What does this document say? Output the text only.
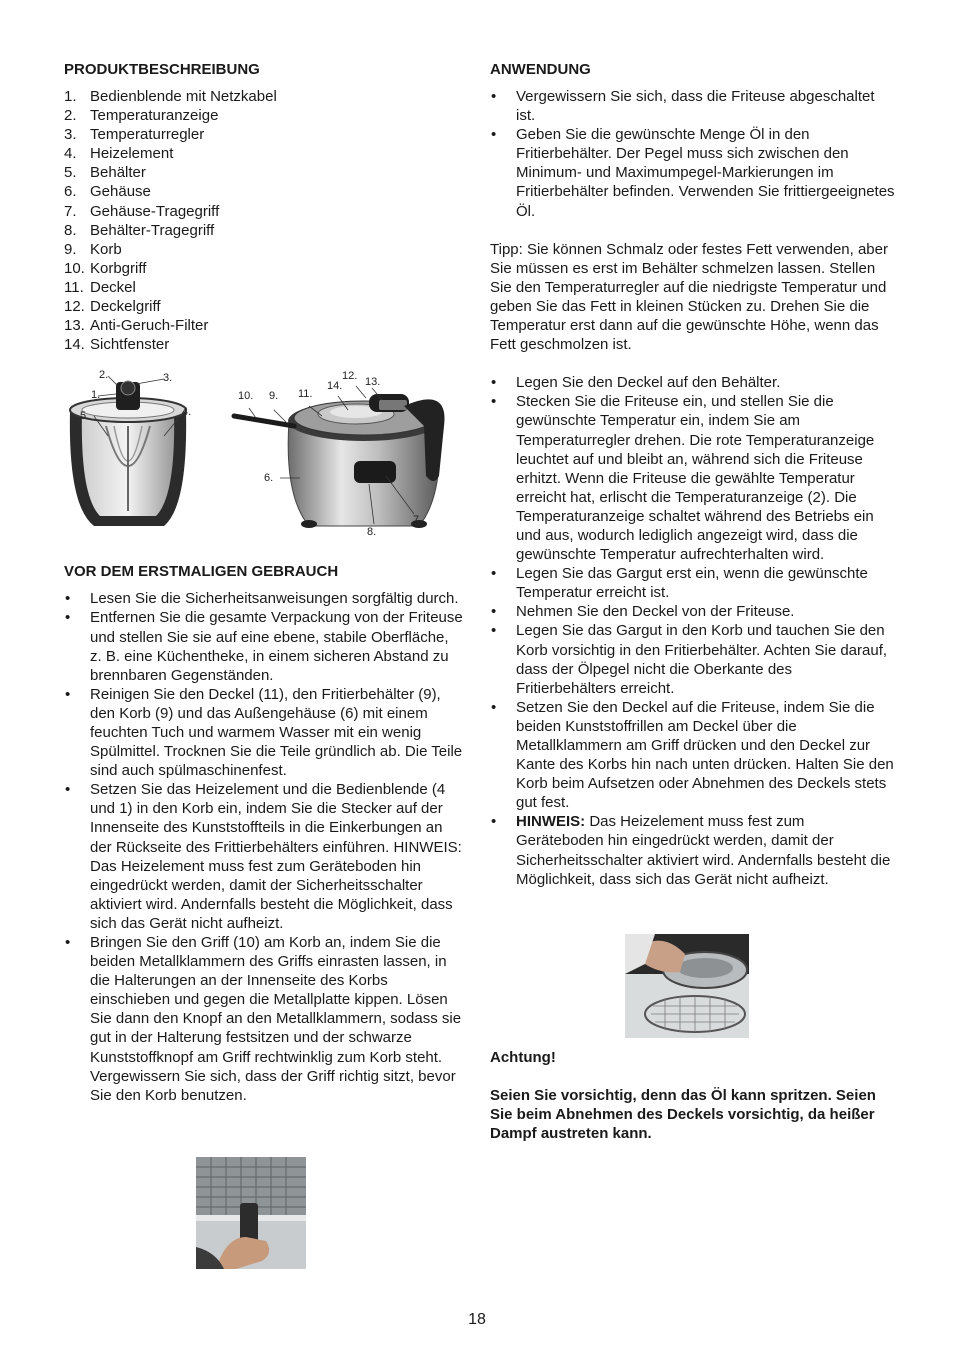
PRODUKTBESCHREIBUNG
1. Bedienblende mit Netzkabel
2. Temperaturanzeige
3. Temperaturregler
4. Heizelement
5. Behälter
6. Gehäuse
7. Gehäuse-Tragegriff
8. Behälter-Tragegriff
9. Korb
10. Korbgriff
11. Deckel
12. Deckelgriff
13. Anti-Geruch-Filter
14. Sichtfenster
1.
2.	3.
4.
5.
6.
7.
8.
9.
10.	11.
12. 13.
14.
VOR DEM ERSTMALIGEN GEBRAUCH
• Lesen Sie die Sicherheitsanweisungen sorgfältig durch.
• Entfernen Sie die gesamte Verpackung von der Friteuse und stellen Sie sie auf eine ebene, stabile Oberfläche, z. B. eine Küchentheke, in einem sicheren Abstand zu brennbaren Gegenständen.
• Reinigen Sie den Deckel (11), den Fritierbehälter (9), den Korb (9) und das Außengehäuse (6) mit einem feuchten Tuch und warmem Wasser mit ein wenig Spülmittel. Trocknen Sie die Teile gründlich ab. Die Teile sind auch spülmaschinenfest.
• Setzen Sie das Heizelement und die Bedienblende (4 und 1) in den Korb ein, indem Sie die Stecker auf der Innenseite des Kunststoffteils in die Einkerbungen an der Rückseite des Frittierbehälters einführen. HINWEIS: Das Heizelement muss fest zum Geräteboden hin eingedrückt werden, damit der Sicherheitsschalter aktiviert wird. Andernfalls besteht die Möglichkeit, dass sich das Gerät nicht aufheizt.
• Bringen Sie den Griff (10) am Korb an, indem Sie die beiden Metallklammern des Griffs einrasten lassen, in die Halterungen an der Innenseite des Korbs einschieben und gegen die Metallplatte kippen. Lösen Sie dann den Knopf an den Metallklammern, sodass sie gut in der Halterung festsitzen und der schwarze Kunststoffknopf am Griff rechtwinklig zum Korb steht. Vergewissern Sie sich, dass der Griff richtig sitzt, bevor Sie den Korb benutzen.
ANWENDUNG
• Vergewissern Sie sich, dass die Friteuse abgeschaltet ist.
• Geben Sie die gewünschte Menge Öl in den Fritierbehälter. Der Pegel muss sich zwischen den Minimum- und Maximumpegel-Markierungen im Fritierbehälter befinden. Verwenden Sie frittiergeeignetes Öl.

Tipp: Sie können Schmalz oder festes Fett verwenden, aber Sie müssen es erst im Behälter schmelzen lassen. Stellen Sie den Temperaturregler auf die niedrigste Temperatur und geben Sie das Fett in kleinen Stücken zu. Drehen Sie die Temperatur erst dann auf die gewünschte Höhe, wenn das Fett geschmolzen ist.

• Legen Sie den Deckel auf den Behälter.
• Stecken Sie die Friteuse ein, und stellen Sie die gewünschte Temperatur ein, indem Sie am Temperaturregler drehen. Die rote Temperaturanzeige leuchtet auf und bleibt an, während sich die Friteuse erhitzt. Wenn die Friteuse die gewählte Temperatur erreicht hat, erlischt die Temperaturanzeige (2). Die Temperaturanzeige schaltet während des Betriebs ein und aus, wodurch lediglich angezeigt wird, dass die gewünschte Temperatur aufrechterhalten wird.
• Legen Sie das Gargut erst ein, wenn die gewünschte Temperatur erreicht ist.
• Nehmen Sie den Deckel von der Friteuse.
• Legen Sie das Gargut in den Korb und tauchen Sie den Korb vorsichtig in den Fritierbehälter. Achten Sie darauf, dass der Ölpegel nicht die Oberkante des Fritierbehälters erreicht.
• Setzen Sie den Deckel auf die Friteuse, indem Sie die beiden Kunststoffrillen am Deckel über die Metallklammern am Griff drücken und den Deckel zur Kante des Korbs hin nach unten drücken. Halten Sie den Korb beim Aufsetzen oder Abnehmen des Deckels stets gut fest.
• HINWEIS: Das Heizelement muss fest zum Geräteboden hin eingedrückt werden, damit der Sicherheitsschalter aktiviert wird. Andernfalls besteht die Möglichkeit, dass sich das Gerät nicht aufheizt.

Achtung!

Seien Sie vorsichtig, denn das Öl kann spritzen. Seien Sie beim Abnehmen des Deckels vorsichtig, da heißer Dampf austreten kann.

18
